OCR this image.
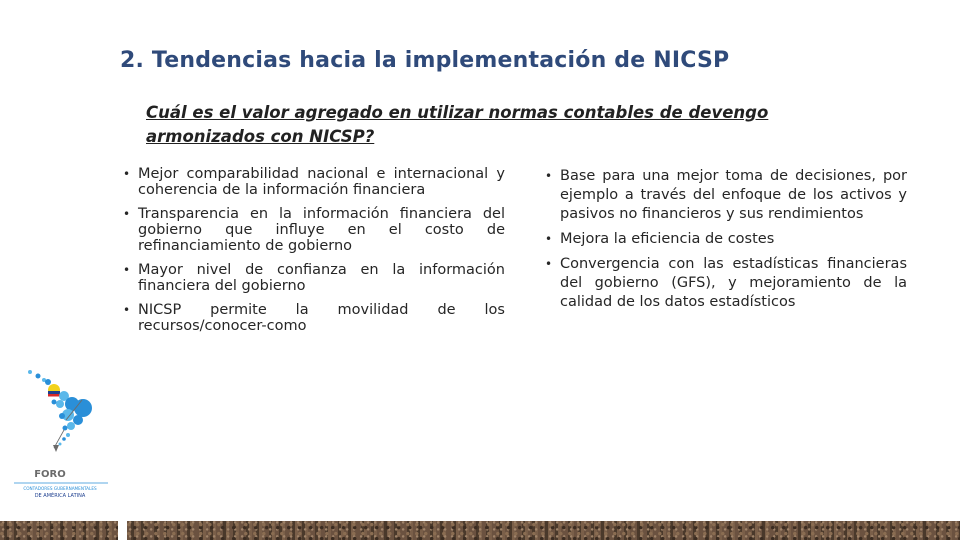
2. Tendencias hacia la implementación de NICSP
Cuál es el valor agregado en utilizar normas contables de devengo armonizados con NICSP?
• Mejor comparabilidad nacional e internacional y coherencia de la información financiera
• Transparencia en la información financiera del gobierno que influye en el costo de refinanciamiento de gobierno
• Mayor nivel de confianza en la información financiera del gobierno
• NICSP permite la movilidad de los recursos/conocer-como
• Base para una mejor toma de decisiones, por ejemplo a través del enfoque de los activos y pasivos no financieros y sus rendimientos
• Mejora la eficiencia de costes
• Convergencia con las estadísticas financieras del gobierno (GFS), y mejoramiento de la calidad de los datos estadísticos
FORO
CONTADORES GUBERNAMENTALES
DE AMÉRICA LATINA
